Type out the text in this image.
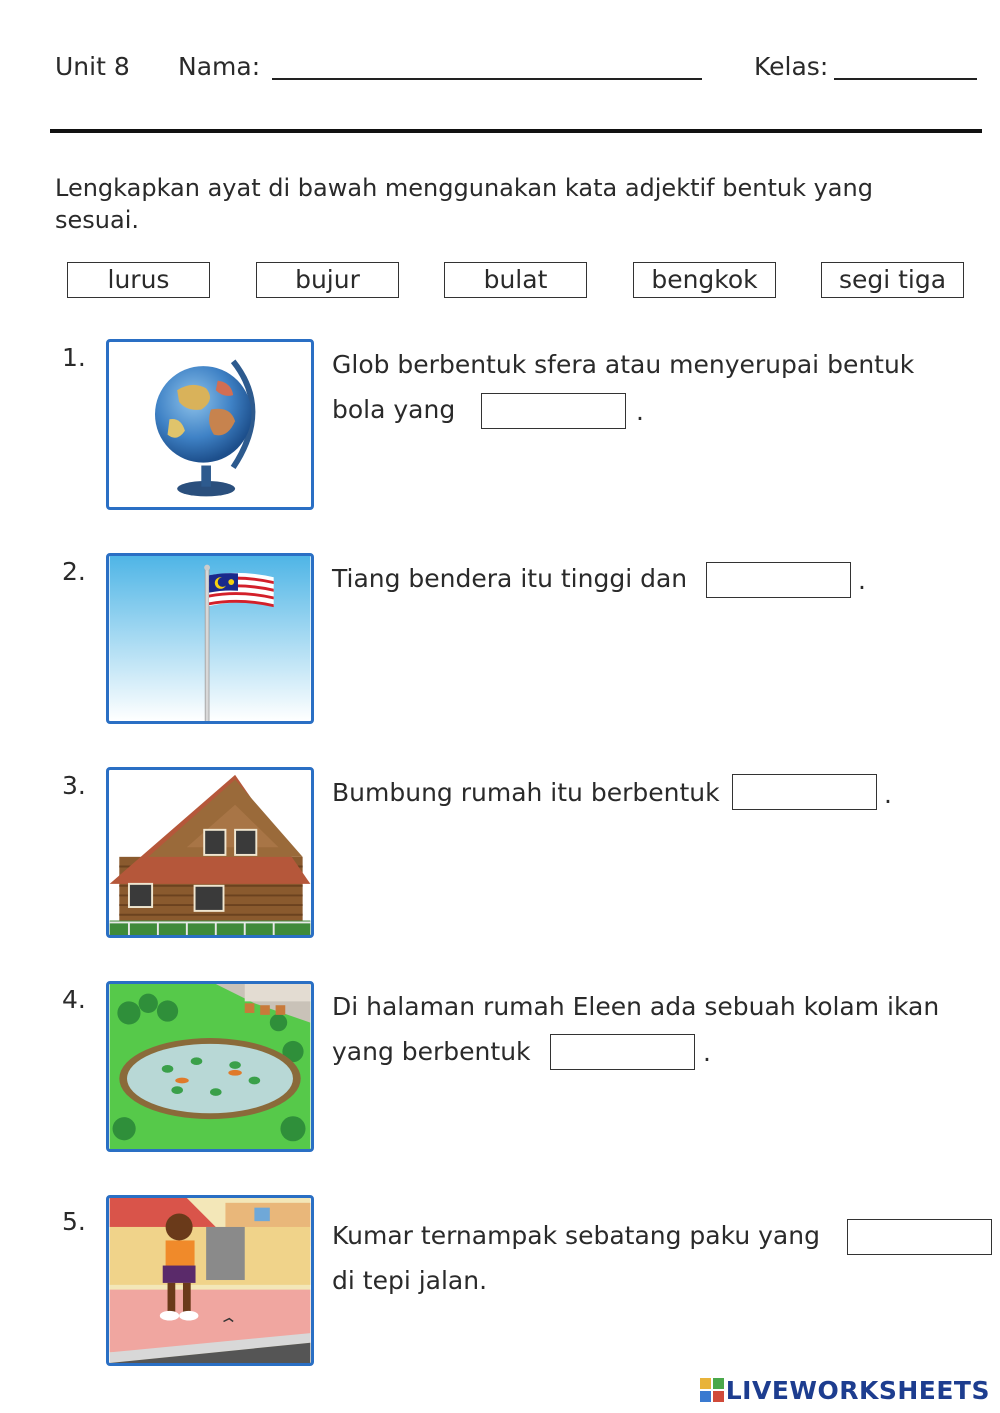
Unit 8 Nama:	Kelas:
Lengkapkan ayat di bawah menggunakan kata adjektif bentuk yang sesuai.
lurus	bujur	bulat	bengkok	segi tiga
1.	Glob berbentuk sfera atau menyerupai bentuk
bola yang	.
2.	Tiang bendera itu tinggi dan	.
3.	Bumbung rumah itu berbentuk	.
4.	Di halaman rumah Eleen ada sebuah kolam ikan
yang berbentuk	.
5.	Kumar ternampak sebatang paku yang
di tepi jalan.
LIVEWORKSHEETS
